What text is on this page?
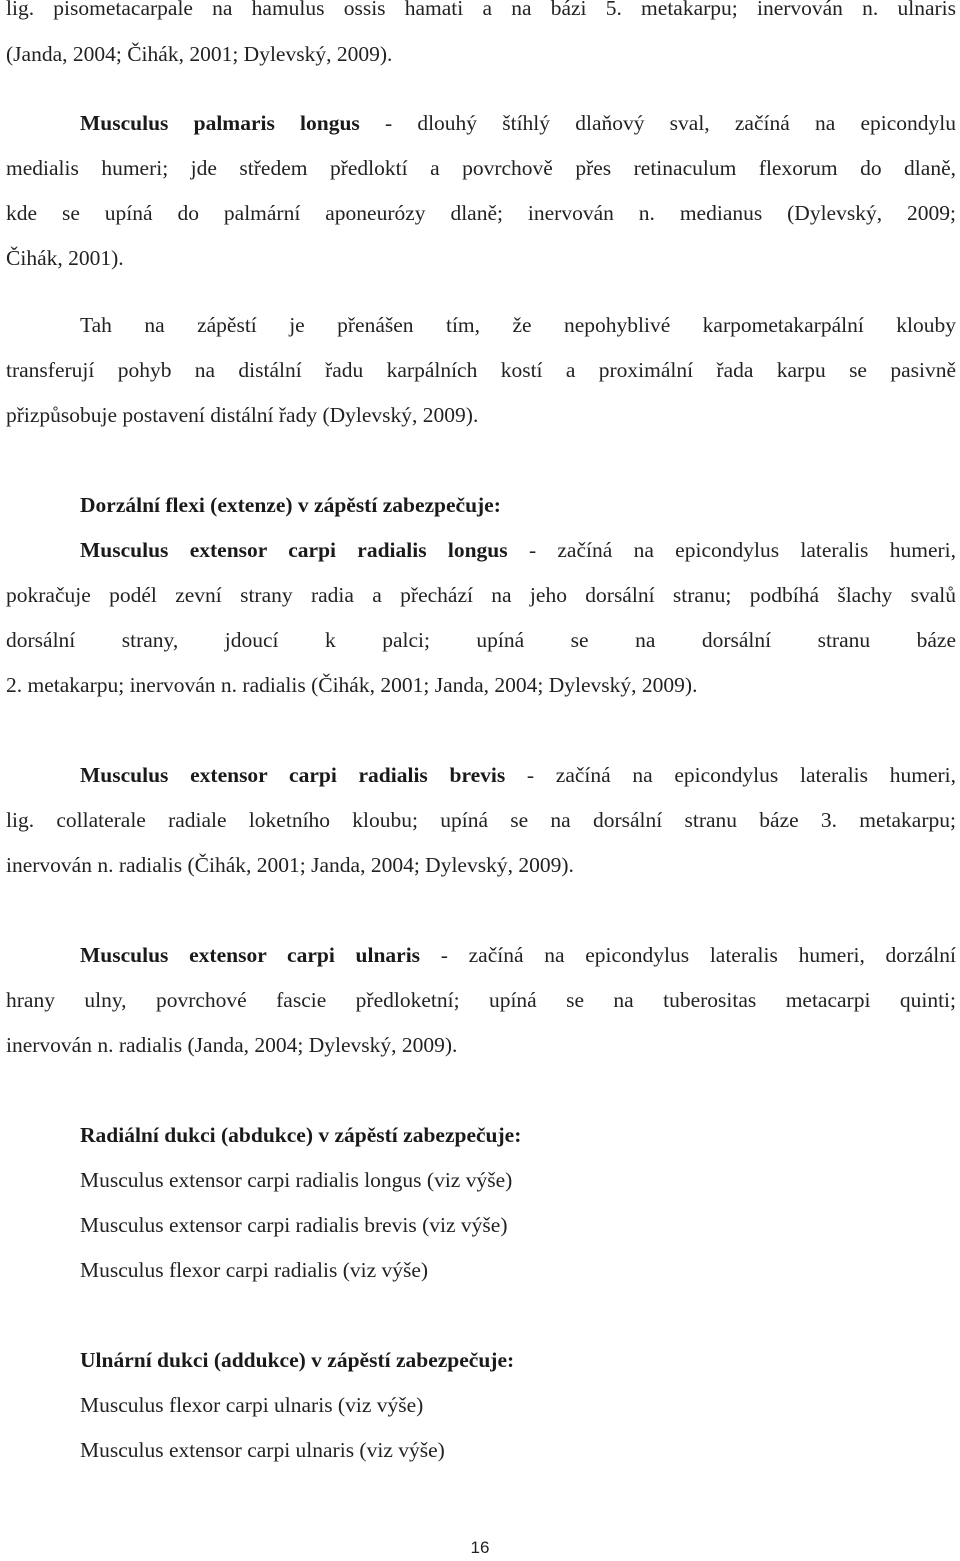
lig. pisometacarpale na hamulus ossis hamati a na bázi 5. metakarpu; inervován n. ulnaris
(Janda, 2004; Čihák, 2001; Dylevský, 2009).
Musculus palmaris longus - dlouhý štíhlý dlaňový sval, začíná na epicondylu
medialis humeri; jde středem předloktí a povrchově přes retinaculum flexorum do dlaně,
kde se upíná do palmární aponeurózy dlaně; inervován n. medianus (Dylevský, 2009;
Čihák, 2001).
Tah na zápěstí je přenášen tím, že nepohyblivé karpometakarpální klouby
transferují pohyb na distální řadu karpálních kostí a proximální řada karpu se pasivně
přizpůsobuje postavení distální řady (Dylevský, 2009).
Dorzální flexi (extenze) v zápěstí zabezpečuje:
Musculus extensor carpi radialis longus - začíná na epicondylus lateralis humeri,
pokračuje podél zevní strany radia a přechází na jeho dorsální stranu; podbíhá šlachy svalů
dorsální strany, jdoucí k palci; upíná se na dorsální stranu báze
2. metakarpu; inervován n. radialis (Čihák, 2001; Janda, 2004; Dylevský, 2009).
Musculus extensor carpi radialis brevis - začíná na epicondylus lateralis humeri,
lig. collaterale radiale loketního kloubu; upíná se na dorsální stranu báze 3. metakarpu;
inervován n. radialis (Čihák, 2001; Janda, 2004; Dylevský, 2009).
Musculus extensor carpi ulnaris - začíná na epicondylus lateralis humeri, dorzální
hrany ulny, povrchové fascie předloketní; upíná se na tuberositas metacarpi quinti;
inervován n. radialis (Janda, 2004; Dylevský, 2009).
Radiální dukci (abdukce) v zápěstí zabezpečuje:
Musculus extensor carpi radialis longus (viz výše)
Musculus extensor carpi radialis brevis (viz výše)
Musculus flexor carpi radialis (viz výše)
Ulnární dukci (addukce) v zápěstí zabezpečuje:
Musculus flexor carpi ulnaris (viz výše)
Musculus extensor carpi ulnaris (viz výše)
16
